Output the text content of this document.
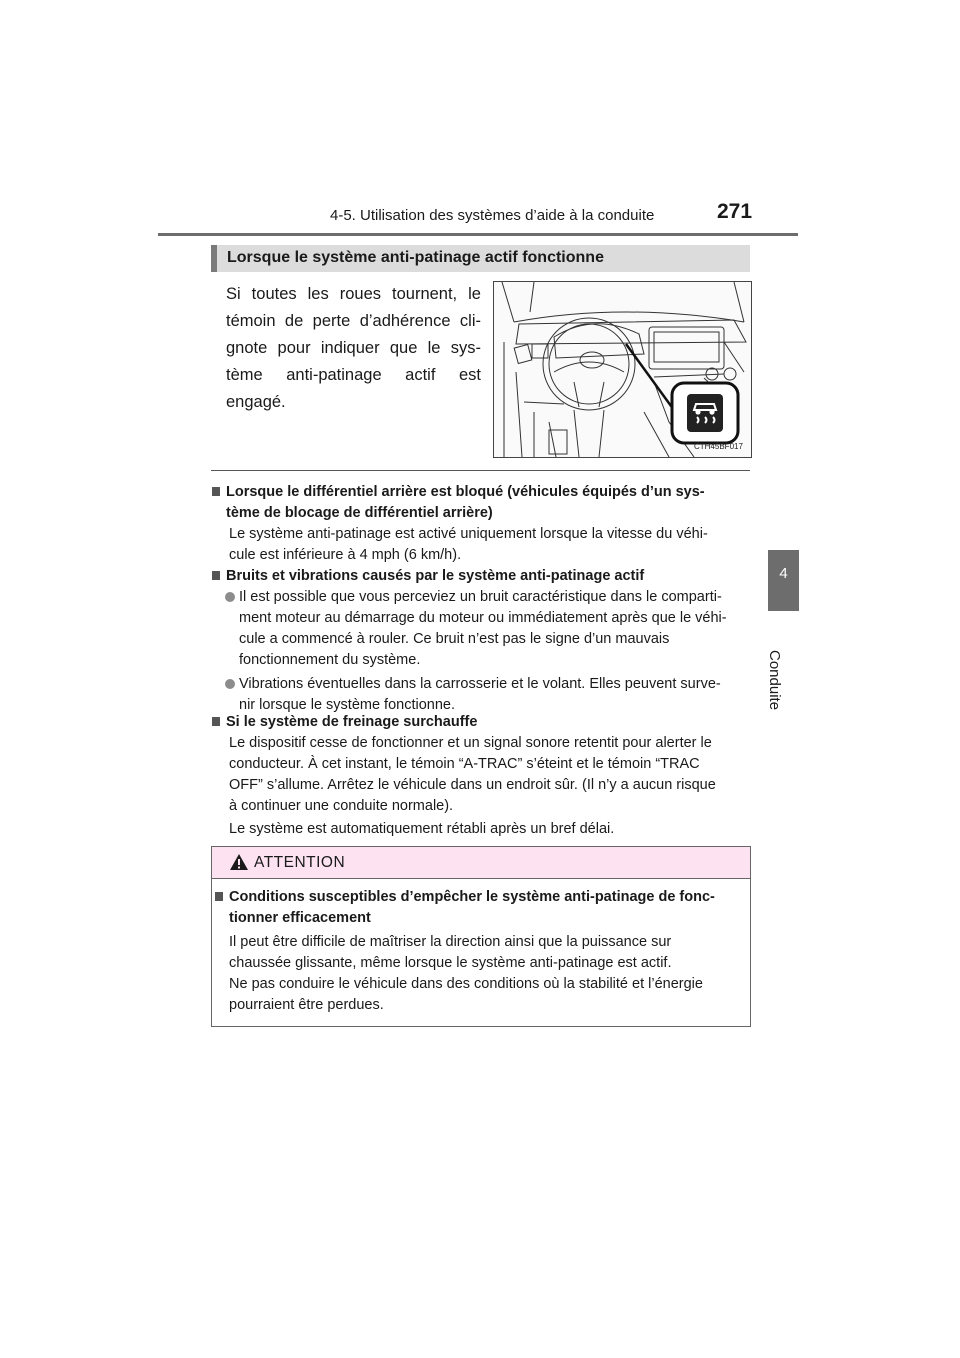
4-5. Utilisation des systèmes d’aide à la conduite	271
4
Conduite
Lorsque le système anti-patinage actif fonctionne
Si toutes les roues tournent, le
témoin de perte d’adhérence cli-
gnote pour indiquer que le sys-
tème anti-patinage actif est
engagé.
CTH45BF017
Lorsque le différentiel arrière est bloqué (véhicules équipés d’un sys-
tème de blocage de différentiel arrière)
Le système anti-patinage est activé uniquement lorsque la vitesse du véhi-
cule est inférieure à 4 mph (6 km/h).
Bruits et vibrations causés par le système anti-patinage actif
Il est possible que vous perceviez un bruit caractéristique dans le comparti-
ment moteur au démarrage du moteur ou immédiatement après que le véhi-
cule a commencé à rouler. Ce bruit n’est pas le signe d’un mauvais
fonctionnement du système.
Vibrations éventuelles dans la carrosserie et le volant. Elles peuvent surve-
nir lorsque le système fonctionne.
Si le système de freinage surchauffe
Le dispositif cesse de fonctionner et un signal sonore retentit pour alerter le
conducteur. À cet instant, le témoin “A-TRAC” s’éteint et le témoin “TRAC
OFF” s’allume. Arrêtez le véhicule dans un endroit sûr. (Il n’y a aucun risque
à continuer une conduite normale).
Le système est automatiquement rétabli après un bref délai.
ATTENTION
Conditions susceptibles d’empêcher le système anti-patinage de fonc-
tionner efficacement
Il peut être difficile de maîtriser la direction ainsi que la puissance sur
chaussée glissante, même lorsque le système anti-patinage est actif.
Ne pas conduire le véhicule dans des conditions où la stabilité et l’énergie
pourraient être perdues.
